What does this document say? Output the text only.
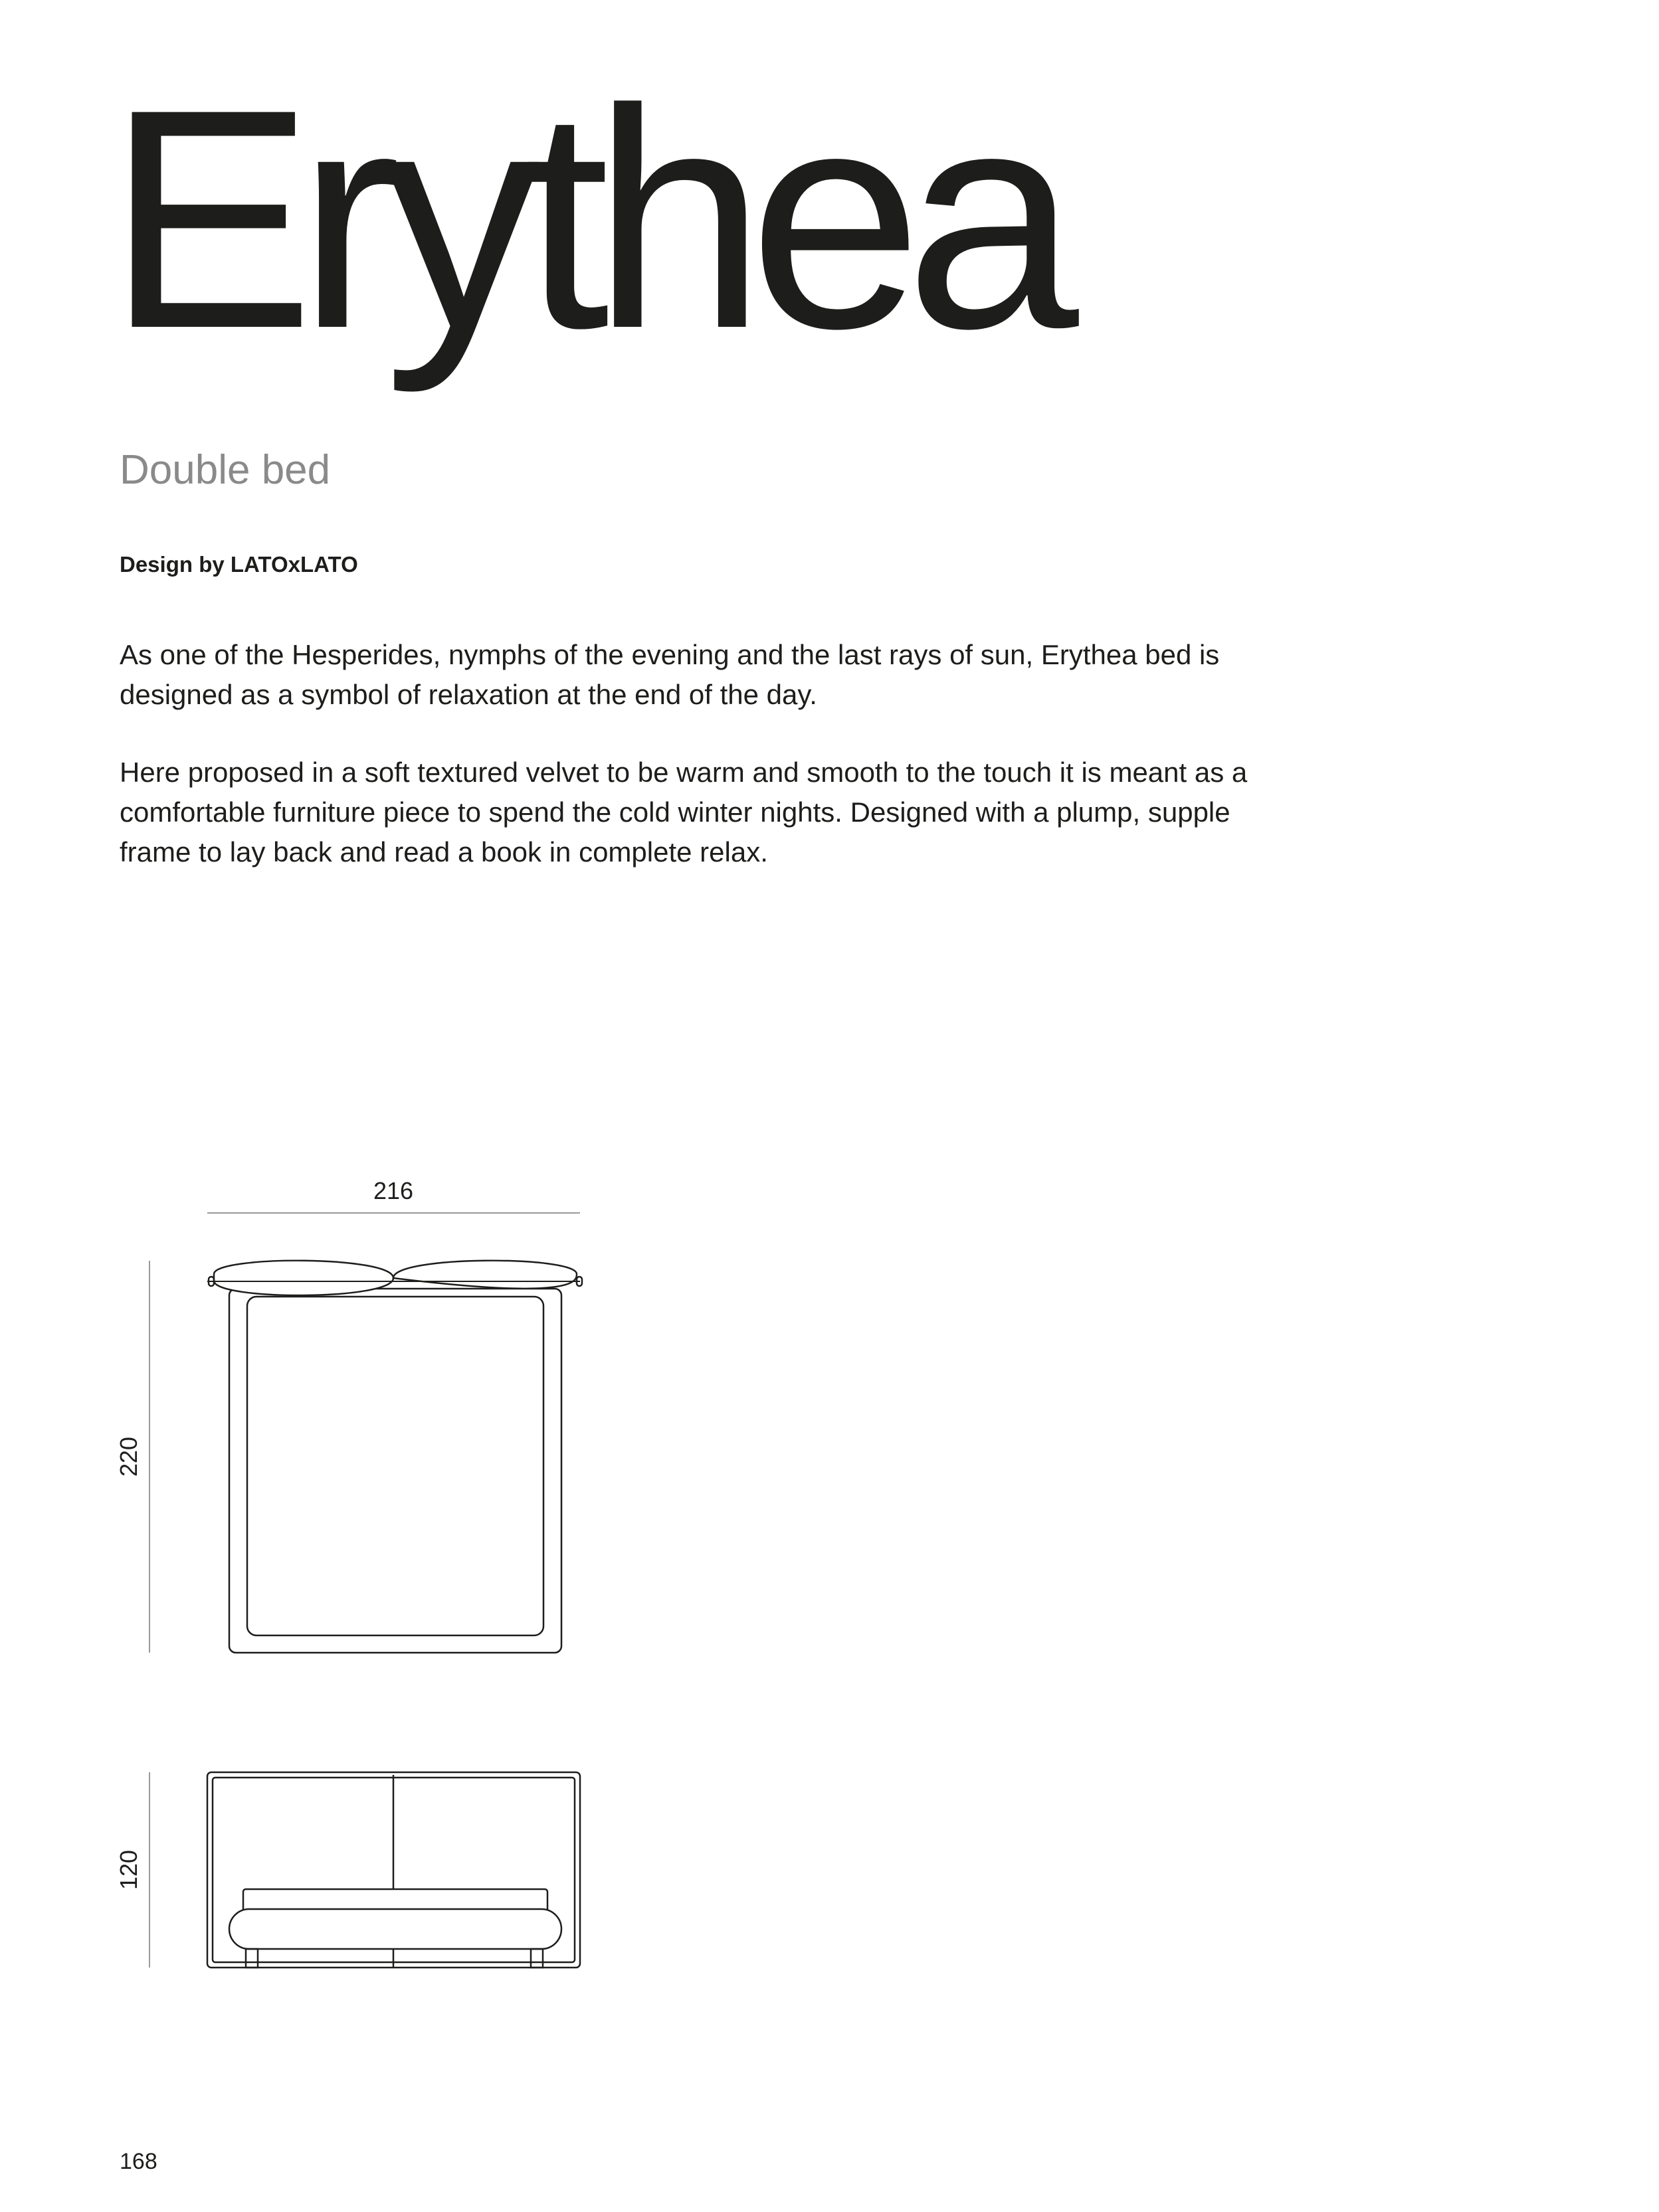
Erythea
Double bed

Design by LATOxLATO

As one of the Hesperides, nymphs of the evening and the last rays of sun, Erythea bed is designed as a symbol of relaxation at the end of the day.

Here proposed in a soft textured velvet to be warm and smooth to the touch it is meant as a comfortable furniture piece to spend the cold winter nights. Designed with a plump, supple frame to lay back and read a book in complete relax.

216
220
120

168
